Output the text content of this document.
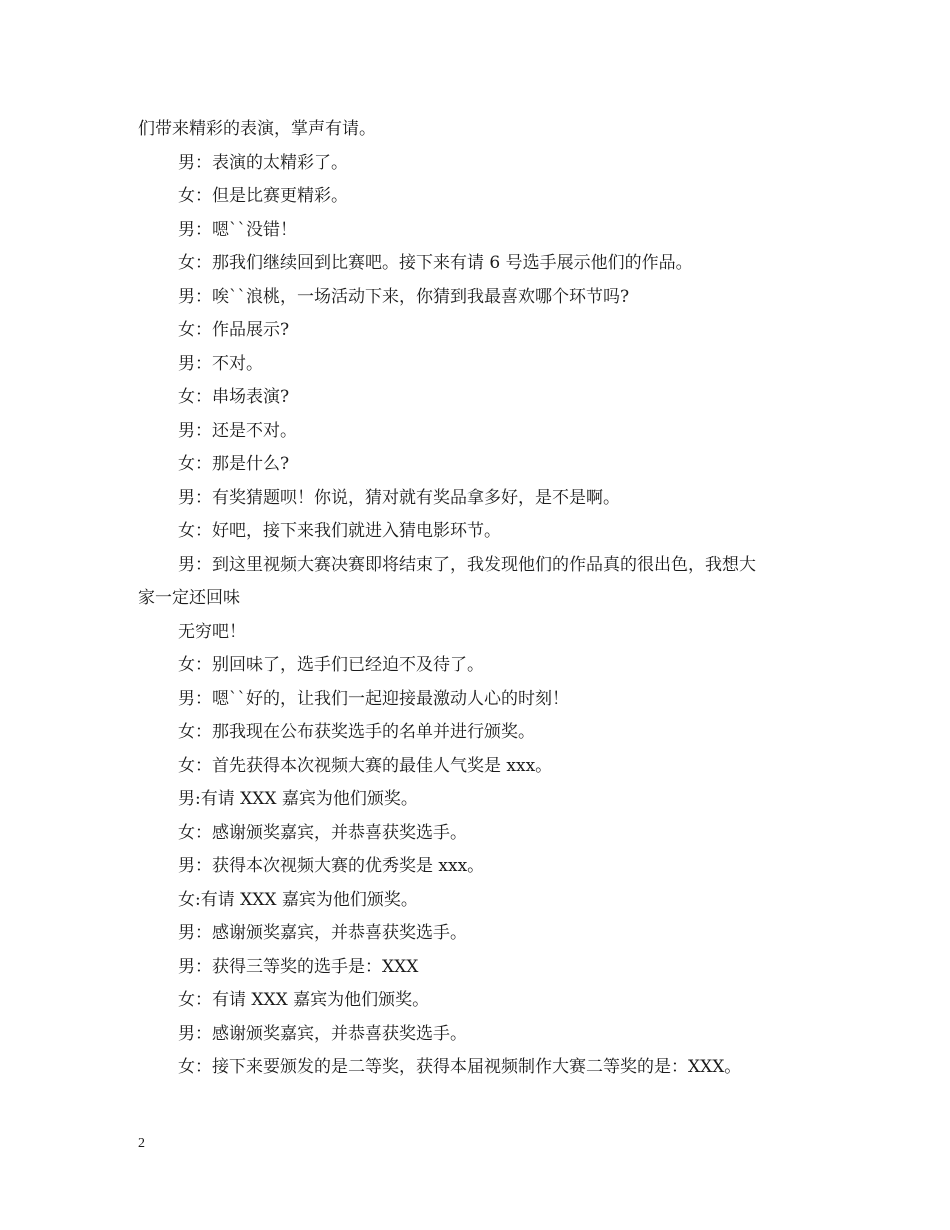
们带来精彩的表演，掌声有请。
男：表演的太精彩了。
女：但是比赛更精彩。
男：嗯``没错！
女：那我们继续回到比赛吧。接下来有请 6 号选手展示他们的作品。
男：唉``浪桃，一场活动下来，你猜到我最喜欢哪个环节吗?
女：作品展示?
男：不对。
女：串场表演?
男：还是不对。
女：那是什么?
男：有奖猜题呗！你说，猜对就有奖品拿多好，是不是啊。
女：好吧，接下来我们就进入猜电影环节。
男：到这里视频大赛决赛即将结束了，我发现他们的作品真的很出色，我想大
家一定还回味
无穷吧！
女：别回味了，选手们已经迫不及待了。
男：嗯``好的，让我们一起迎接最激动人心的时刻！
女：那我现在公布获奖选手的名单并进行颁奖。
女：首先获得本次视频大赛的最佳人气奖是 xxx。
男:有请 XXX 嘉宾为他们颁奖。
女：感谢颁奖嘉宾，并恭喜获奖选手。
男：获得本次视频大赛的优秀奖是 xxx。
女:有请 XXX 嘉宾为他们颁奖。
男：感谢颁奖嘉宾，并恭喜获奖选手。
男：获得三等奖的选手是：XXX
女：有请 XXX 嘉宾为他们颁奖。
男：感谢颁奖嘉宾，并恭喜获奖选手。
女：接下来要颁发的是二等奖，获得本届视频制作大赛二等奖的是：XXX。
2
